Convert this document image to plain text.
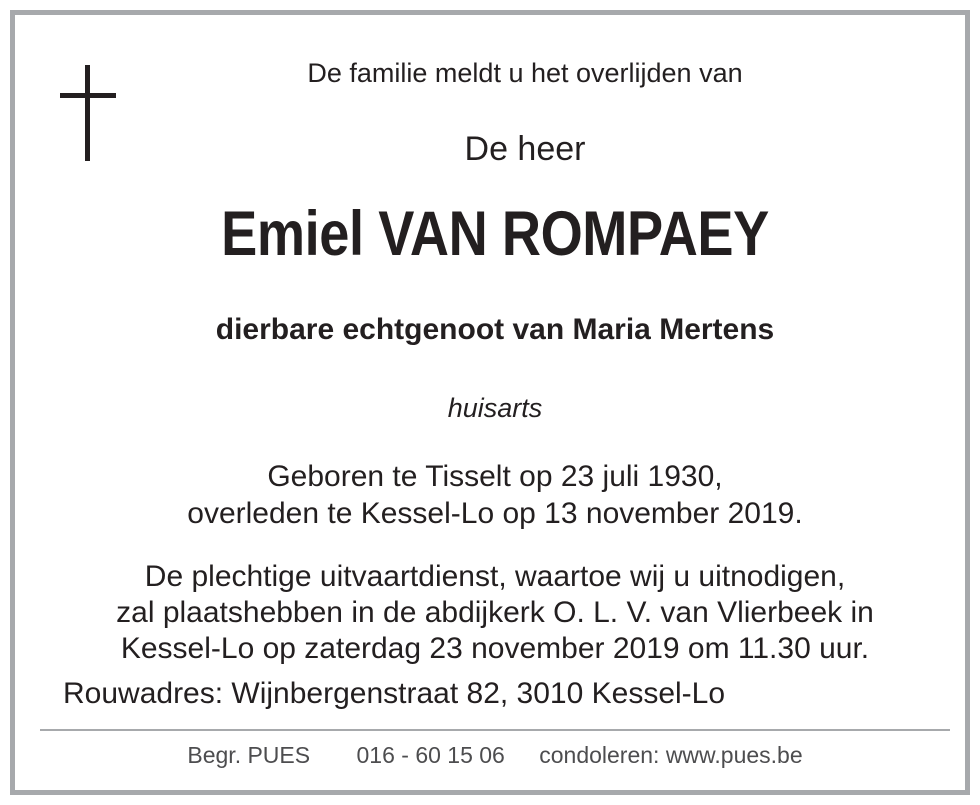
De familie meldt u het overlijden van
De heer
Emiel VAN ROMPAEY
dierbare echtgenoot van Maria Mertens
huisarts
Geboren te Tisselt op 23 juli 1930,
overleden te Kessel-Lo op 13 november 2019.
De plechtige uitvaartdienst, waartoe wij u uitnodigen,
zal plaatshebben in de abdijkerk O. L. V. van Vlierbeek in
Kessel-Lo op zaterdag 23 november 2019 om 11.30 uur.
Rouwadres: Wijnbergenstraat 82, 3010 Kessel-Lo
Begr. PUES 016 - 60 15 06 condoleren: www.pues.be
